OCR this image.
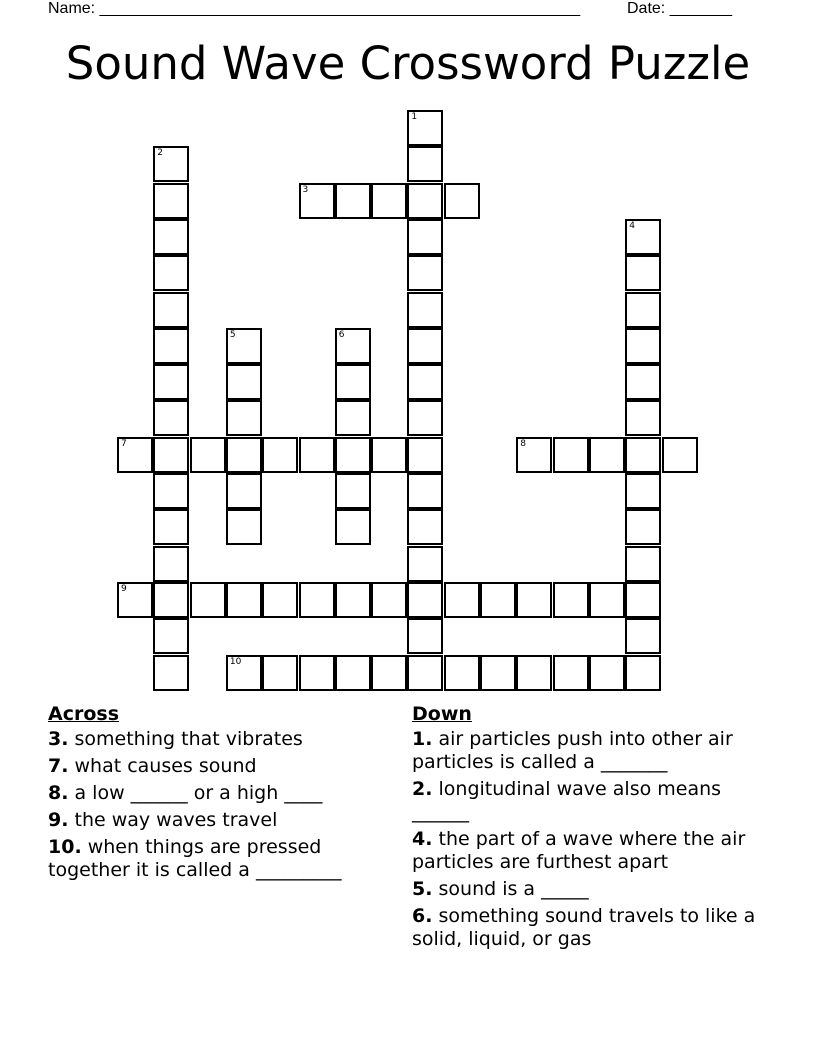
Name: ______________________________________________________	Date: _______
Sound Wave Crossword Puzzle
1
2
3
4
5	6
7	8
9
10
Across
3. something that vibrates
7. what causes sound
8. a low ______ or a high ____
9. the way waves travel
10. when things are pressed together it is called a _________
Down
1. air particles push into other air particles is called a _______
2. longitudinal wave also means ______
4. the part of a wave where the air particles are furthest apart
5. sound is a _____
6. something sound travels to like a solid, liquid, or gas
